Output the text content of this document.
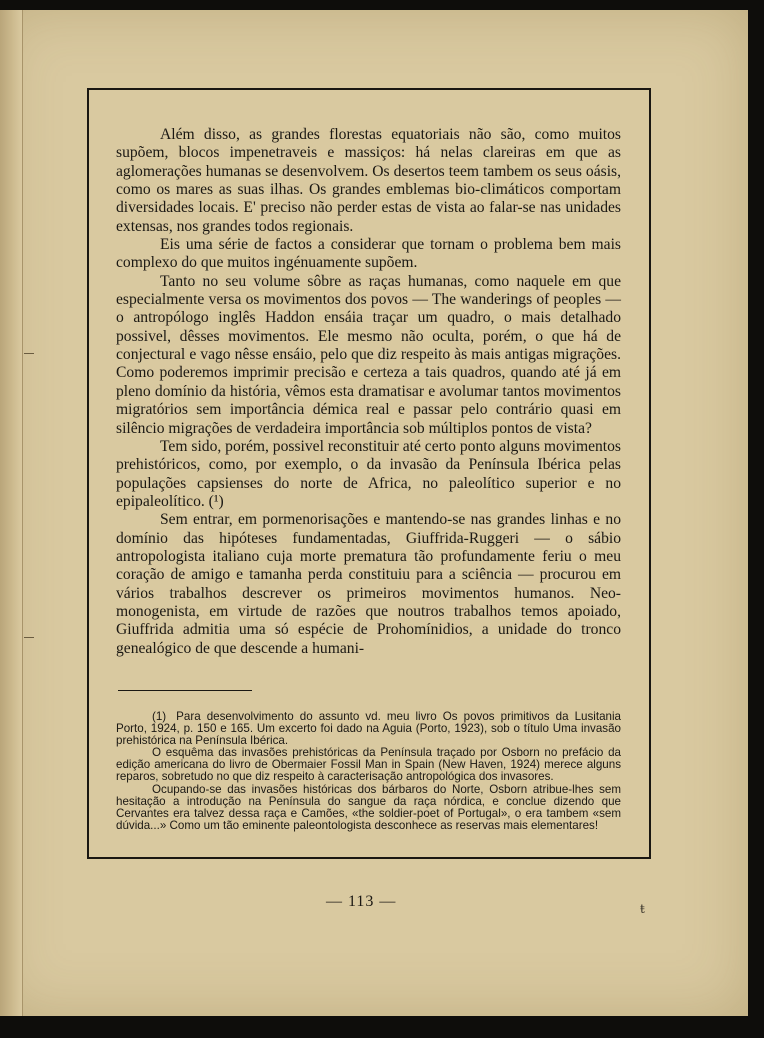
Além disso, as grandes florestas equatoriais não são, como muitos supõem, blocos impenetraveis e massiços: há nelas clareiras em que as aglomerações humanas se desenvolvem. Os desertos teem tambem os seus oásis, como os mares as suas ilhas. Os grandes emblemas bio-climáticos comportam diversidades locais. E' preciso não perder estas de vista ao falar-se nas unidades extensas, nos grandes todos regionais.

Eis uma série de factos a considerar que tornam o problema bem mais complexo do que muitos ingénuamente supõem.

Tanto no seu volume sôbre as raças humanas, como naquele em que especialmente versa os movimentos dos povos — The wanderings of peoples — o antropólogo inglês Haddon ensáia traçar um quadro, o mais detalhado possivel, dêsses movimentos. Ele mesmo não oculta, porém, o que há de conjectural e vago nêsse ensáio, pelo que diz respeito às mais antigas migrações. Como poderemos imprimir precisão e certeza a tais quadros, quando até já em pleno domínio da história, vêmos esta dramatisar e avolumar tantos movimentos migratórios sem importância démica real e passar pelo contrário quasi em silêncio migrações de verdadeira importância sob múltiplos pontos de vista?

Tem sido, porém, possivel reconstituir até certo ponto alguns movimentos prehistóricos, como, por exemplo, o da invasão da Península Ibérica pelas populações capsienses do norte de Africa, no paleolítico superior e no epipaleolítico. (¹)

Sem entrar, em pormenorisações e mantendo-se nas grandes linhas e no domínio das hipóteses fundamentadas, Giuffrida-Ruggeri — o sábio antropologista italiano cuja morte prematura tão profundamente feriu o meu coração de amigo e tamanha perda constituiu para a sciência — procurou em vários trabalhos descrever os primeiros movimentos humanos. Neo-monogenista, em virtude de razões que noutros trabalhos temos apoiado, Giuffrida admitia uma só espécie de Prohomínidios, a unidade do tronco genealógico de que descende a humani-

(1) Para desenvolvimento do assunto vd. meu livro Os povos primitivos da Lusitania Porto, 1924, p. 150 e 165. Um excerto foi dado na Aguia (Porto, 1923), sob o título Uma invasão prehistórica na Península Ibérica.

O esquêma das invasões prehistóricas da Península traçado por Osborn no prefácio da edição americana do livro de Obermaier Fossil Man in Spain (New Haven, 1924) merece alguns reparos, sobretudo no que diz respeito à caracterisação antropológica dos invasores.

Ocupando-se das invasões históricas dos bárbaros do Norte, Osborn atribue-lhes sem hesitação a introdução na Península do sangue da raça nórdica, e conclue dizendo que Cervantes era talvez dessa raça e Camões, «the soldier-poet of Portugal», o era tambem «sem dúvida...» Como um tão eminente paleontologista desconhece as reservas mais elementares!

— 113 —	ŧ
